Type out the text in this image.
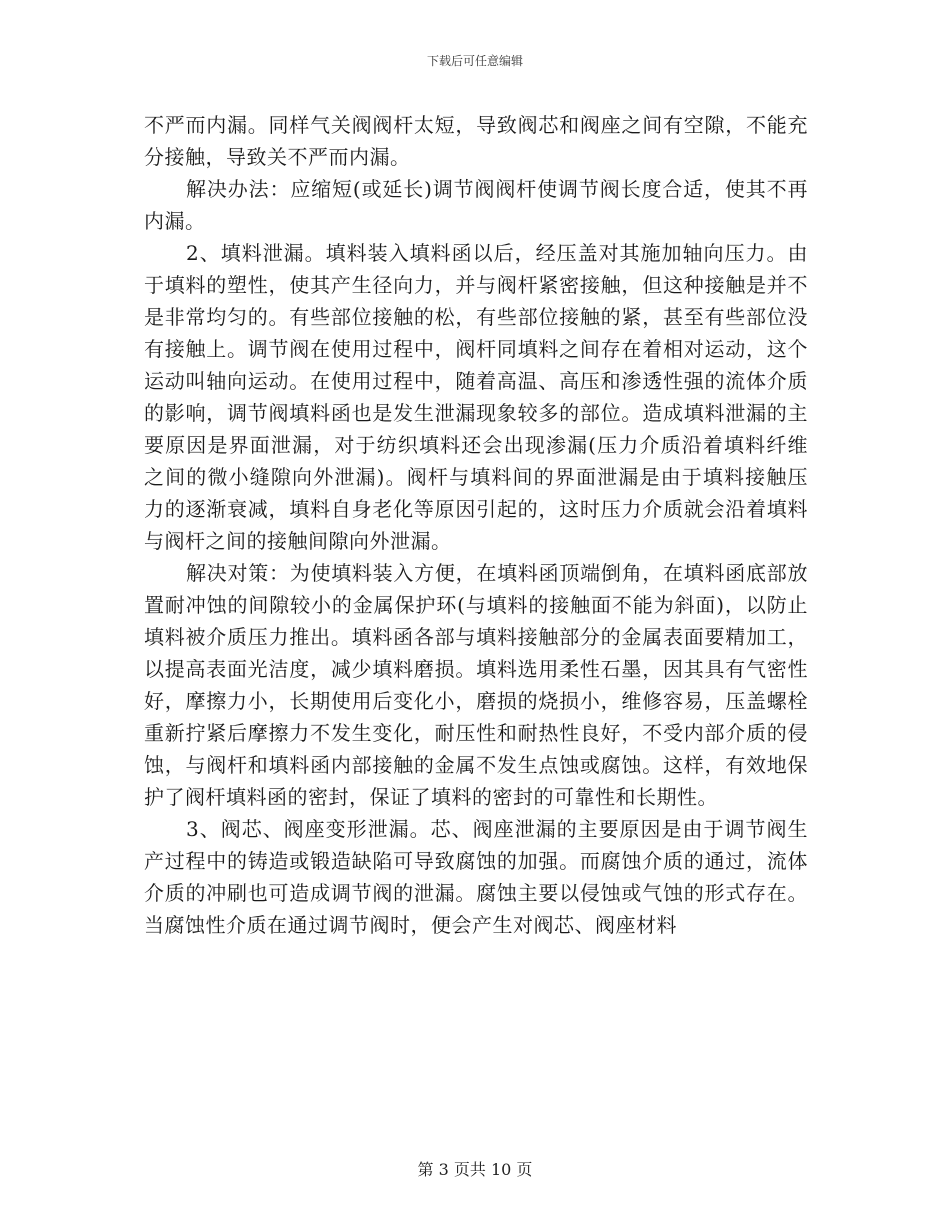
下载后可任意编辑

不严而内漏。同样气关阀阀杆太短，导致阀芯和阀座之间有空隙，不能充分接触，导致关不严而内漏。

解决办法：应缩短(或延长)调节阀阀杆使调节阀长度合适，使其不再内漏。

2、填料泄漏。填料装入填料函以后，经压盖对其施加轴向压力。由于填料的塑性，使其产生径向力，并与阀杆紧密接触，但这种接触是并不是非常均匀的。有些部位接触的松，有些部位接触的紧，甚至有些部位没有接触上。调节阀在使用过程中，阀杆同填料之间存在着相对运动，这个运动叫轴向运动。在使用过程中，随着高温、高压和渗透性强的流体介质的影响，调节阀填料函也是发生泄漏现象较多的部位。造成填料泄漏的主要原因是界面泄漏，对于纺织填料还会出现渗漏(压力介质沿着填料纤维之间的微小缝隙向外泄漏)。阀杆与填料间的界面泄漏是由于填料接触压力的逐渐衰减，填料自身老化等原因引起的，这时压力介质就会沿着填料与阀杆之间的接触间隙向外泄漏。

解决对策：为使填料装入方便，在填料函顶端倒角，在填料函底部放置耐冲蚀的间隙较小的金属保护环(与填料的接触面不能为斜面)，以防止填料被介质压力推出。填料函各部与填料接触部分的金属表面要精加工，以提高表面光洁度，减少填料磨损。填料选用柔性石墨，因其具有气密性好，摩擦力小，长期使用后变化小，磨损的烧损小，维修容易，压盖螺栓重新拧紧后摩擦力不发生变化，耐压性和耐热性良好，不受内部介质的侵蚀，与阀杆和填料函内部接触的金属不发生点蚀或腐蚀。这样，有效地保护了阀杆填料函的密封，保证了填料的密封的可靠性和长期性。

3、阀芯、阀座变形泄漏。芯、阀座泄漏的主要原因是由于调节阀生产过程中的铸造或锻造缺陷可导致腐蚀的加强。而腐蚀介质的通过，流体介质的冲刷也可造成调节阀的泄漏。腐蚀主要以侵蚀或气蚀的形式存在。当腐蚀性介质在通过调节阀时，便会产生对阀芯、阀座材料

第 3 页共 10 页
